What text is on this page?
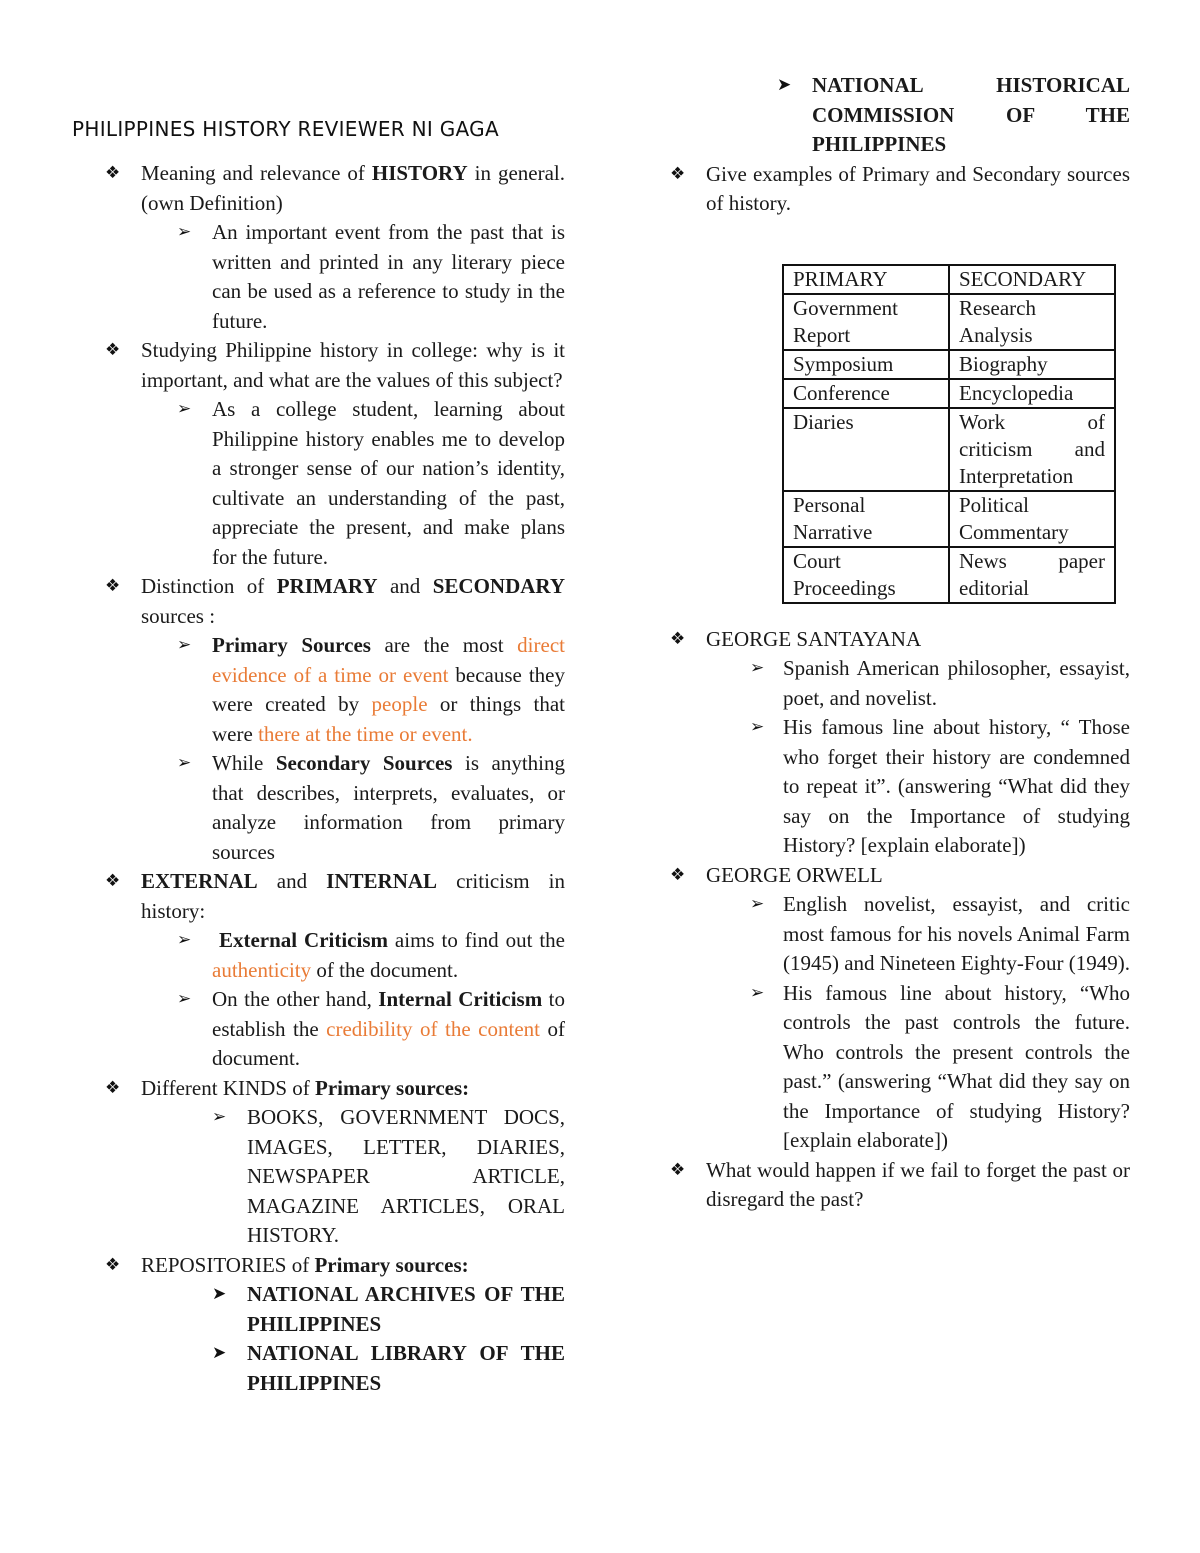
PHILIPPINES HISTORY REVIEWER NI GAGA
❖ Meaning and relevance of HISTORY in general. (own Definition)

➢ An important event from the past that is written and printed in any literary piece can be used as a reference to study in the future.

❖ Studying Philippine history in college: why is it important, and what are the values of this subject?

➢ As a college student, learning about Philippine history enables me to develop a stronger sense of our nation’s identity, cultivate an understanding of the past, appreciate the present, and make plans for the future.

❖ Distinction of PRIMARY and SECONDARY sources :

➢ Primary Sources are the most direct evidence of a time or event because they were created by people or things that were there at the time or event.

➢ While Secondary Sources is anything that describes, interprets, evaluates, or analyze information from primary sources

❖ EXTERNAL and INTERNAL criticism in history:

➢	External Criticism aims to find out the authenticity of the document.

➢ On the other hand, Internal Criticism to establish the credibility of the content of document.

❖ Different KINDS of Primary sources:

➢ BOOKS, GOVERNMENT DOCS, IMAGES, LETTER, DIARIES, NEWSPAPER ARTICLE, MAGAZINE ARTICLES, ORAL HISTORY.

❖ REPOSITORIES of Primary sources:

➤ NATIONAL ARCHIVES OF THE PHILIPPINES

➤ NATIONAL LIBRARY OF THE PHILIPPINES

➤ NATIONAL HISTORICAL COMMISSION OF THE PHILIPPINES

❖ Give examples of Primary and Secondary sources of history.

❖ GEORGE SANTAYANA

➢ Spanish American philosopher, essayist, poet, and novelist.

➢ His famous line about history, “ Those who forget their history are condemned to repeat it”. (answering “What did they say on the Importance of studying History? [explain elaborate])

❖ GEORGE ORWELL

➢ English novelist, essayist, and critic most famous for his novels Animal Farm (1945) and Nineteen Eighty-Four (1949).

➢ His famous line about history, “Who controls the past controls the future. Who controls the present controls the past.” (answering “What did they say on the Importance of studying History? [explain elaborate])

❖ What would happen if we fail to forget the past or disregard the past?

PRIMARY	SECONDARY
Government Report	Research Analysis
Symposium	Biography
Conference	Encyclopedia
Diaries	Work of criticism and Interpretation
Personal Narrative	Political Commentary
Court Proceedings	News paper editorial
